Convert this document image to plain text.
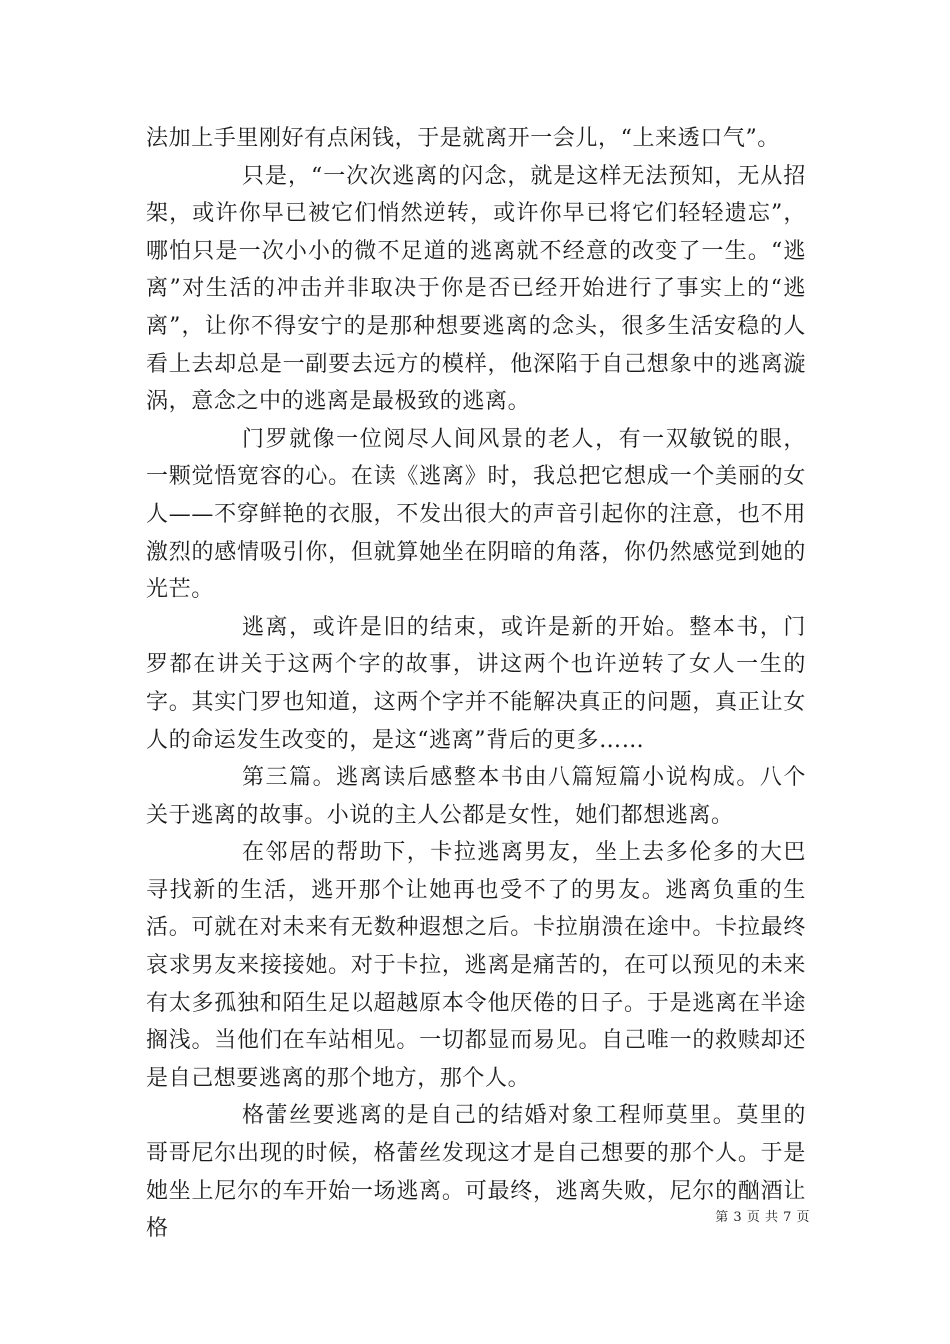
法加上手里刚好有点闲钱，于是就离开一会儿，“上来透口气”。

只是，“一次次逃离的闪念，就是这样无法预知，无从招架，或许你早已被它们悄然逆转，或许你早已将它们轻轻遗忘”，哪怕只是一次小小的微不足道的逃离就不经意的改变了一生。“逃离”对生活的冲击并非取决于你是否已经开始进行了事实上的“逃离”，让你不得安宁的是那种想要逃离的念头，很多生活安稳的人看上去却总是一副要去远方的模样，他深陷于自己想象中的逃离漩涡，意念之中的逃离是最极致的逃离。

门罗就像一位阅尽人间风景的老人，有一双敏锐的眼，一颗觉悟宽容的心。在读《逃离》时，我总把它想成一个美丽的女人——不穿鲜艳的衣服，不发出很大的声音引起你的注意，也不用激烈的感情吸引你，但就算她坐在阴暗的角落，你仍然感觉到她的光芒。

逃离，或许是旧的结束，或许是新的开始。整本书，门罗都在讲关于这两个字的故事，讲这两个也许逆转了女人一生的字。其实门罗也知道，这两个字并不能解决真正的问题，真正让女人的命运发生改变的，是这“逃离”背后的更多……

第三篇。逃离读后感整本书由八篇短篇小说构成。八个关于逃离的故事。小说的主人公都是女性，她们都想逃离。

在邻居的帮助下，卡拉逃离男友，坐上去多伦多的大巴寻找新的生活，逃开那个让她再也受不了的男友。逃离负重的生活。可就在对未来有无数种遐想之后。卡拉崩溃在途中。卡拉最终哀求男友来接接她。对于卡拉，逃离是痛苦的，在可以预见的未来有太多孤独和陌生足以超越原本令他厌倦的日子。于是逃离在半途搁浅。当他们在车站相见。一切都显而易见。自己唯一的救赎却还是自己想要逃离的那个地方，那个人。

格蕾丝要逃离的是自己的结婚对象工程师莫里。莫里的哥哥尼尔出现的时候，格蕾丝发现这才是自己想要的那个人。于是她坐上尼尔的车开始一场逃离。可最终，逃离失败，尼尔的酗酒让格	第 3 页 共 7 页
